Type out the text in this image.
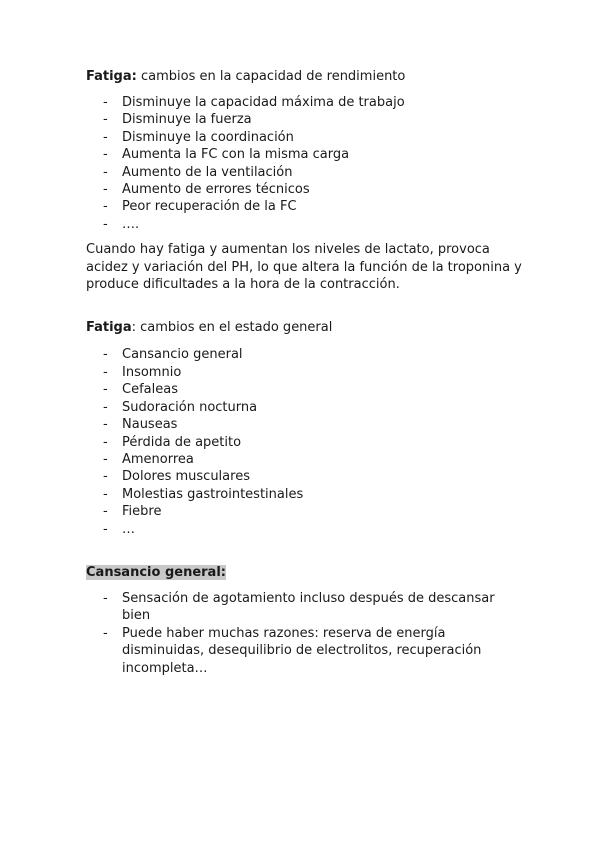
Fatiga: cambios en la capacidad de rendimiento

- Disminuye la capacidad máxima de trabajo
- Disminuye la fuerza
- Disminuye la coordinación
- Aumenta la FC con la misma carga
- Aumento de la ventilación
- Aumento de errores técnicos
- Peor recuperación de la FC
- ….

Cuando hay fatiga y aumentan los niveles de lactato, provoca acidez y variación del PH, lo que altera la función de la troponina y produce dificultades a la hora de la contracción.

Fatiga: cambios en el estado general

- Cansancio general
- Insomnio
- Cefaleas
- Sudoración nocturna
- Nauseas
- Pérdida de apetito
- Amenorrea
- Dolores musculares
- Molestias gastrointestinales
- Fiebre
- …

Cansancio general:

- Sensación de agotamiento incluso después de descansar bien
- Puede haber muchas razones: reserva de energía disminuidas, desequilibrio de electrolitos, recuperación incompleta…
